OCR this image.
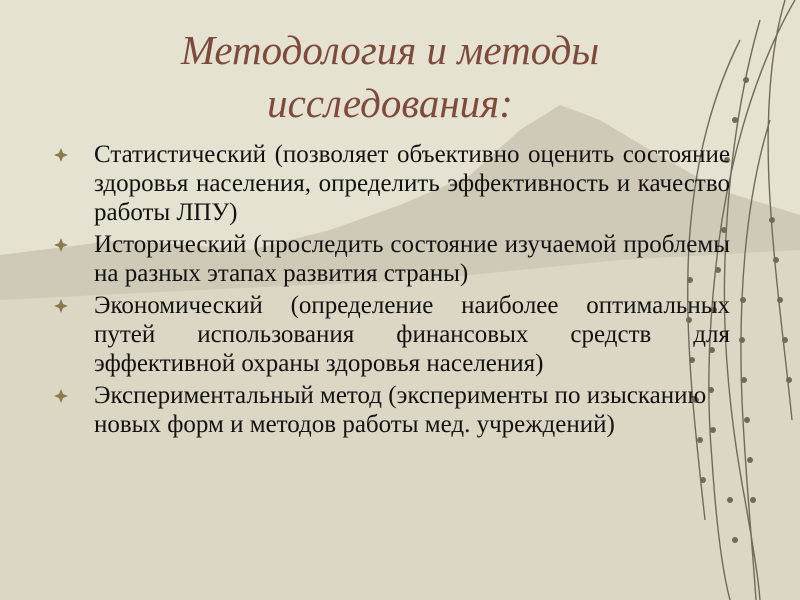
Методология и методы
исследования:
Статистический (позволяет объективно оценить состояние здоровья населения, определить эффективность и качество работы ЛПУ)
Исторический (проследить состояние изучаемой проблемы на разных этапах развития страны)
Экономический (определение наиболее оптимальных путей использования финансовых средств для эффективной охраны здоровья населения)
Экспериментальный метод (эксперименты по изысканию новых форм и методов работы мед. учреждений)
